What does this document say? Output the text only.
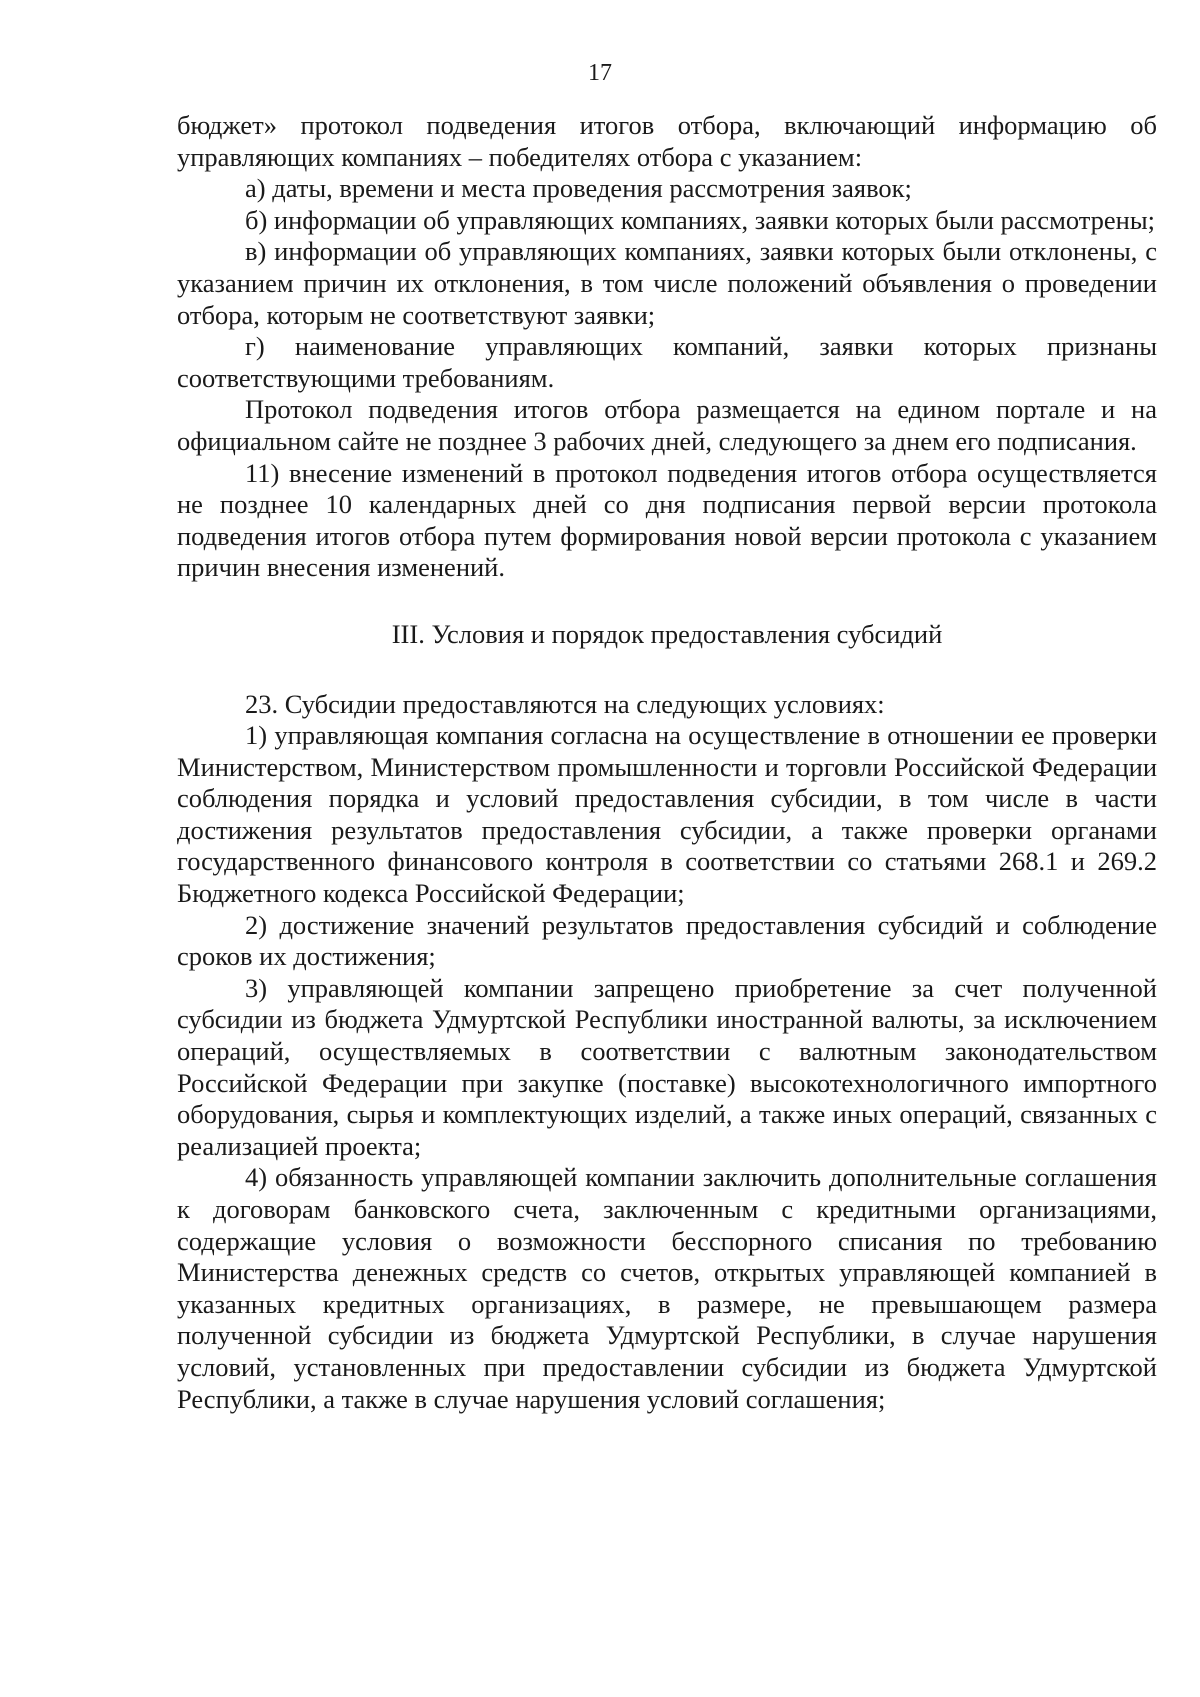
17

бюджет» протокол подведения итогов отбора, включающий информацию об управляющих компаниях – победителях отбора с указанием:

а) даты, времени и места проведения рассмотрения заявок;

б) информации об управляющих компаниях, заявки которых были рассмотрены;

в) информации об управляющих компаниях, заявки которых были отклонены, с указанием причин их отклонения, в том числе положений объявления о проведении отбора, которым не соответствуют заявки;

г) наименование управляющих компаний, заявки которых признаны соответствующими требованиям.

Протокол подведения итогов отбора размещается на едином портале и на официальном сайте не позднее 3 рабочих дней, следующего за днем его подписания.

11) внесение изменений в протокол подведения итогов отбора осуществляется не позднее 10 календарных дней со дня подписания первой версии протокола подведения итогов отбора путем формирования новой версии протокола с указанием причин внесения изменений.

III. Условия и порядок предоставления субсидий

23. Субсидии предоставляются на следующих условиях:

1) управляющая компания согласна на осуществление в отношении ее проверки Министерством, Министерством промышленности и торговли Российской Федерации соблюдения порядка и условий предоставления субсидии, в том числе в части достижения результатов предоставления субсидии, а также проверки органами государственного финансового контроля в соответствии со статьями 268.1 и 269.2 Бюджетного кодекса Российской Федерации;

2) достижение значений результатов предоставления субсидий и соблюдение сроков их достижения;

3) управляющей компании запрещено приобретение за счет полученной субсидии из бюджета Удмуртской Республики иностранной валюты, за исключением операций, осуществляемых в соответствии с валютным законодательством Российской Федерации при закупке (поставке) высокотехнологичного импортного оборудования, сырья и комплектующих изделий, а также иных операций, связанных с реализацией проекта;

4) обязанность управляющей компании заключить дополнительные соглашения к договорам банковского счета, заключенным с кредитными организациями, содержащие условия о возможности бесспорного списания по требованию Министерства денежных средств со счетов, открытых управляющей компанией в указанных кредитных организациях, в размере, не превышающем размера полученной субсидии из бюджета Удмуртской Республики, в случае нарушения условий, установленных при предоставлении субсидии из бюджета Удмуртской Республики, а также в случае нарушения условий соглашения;
